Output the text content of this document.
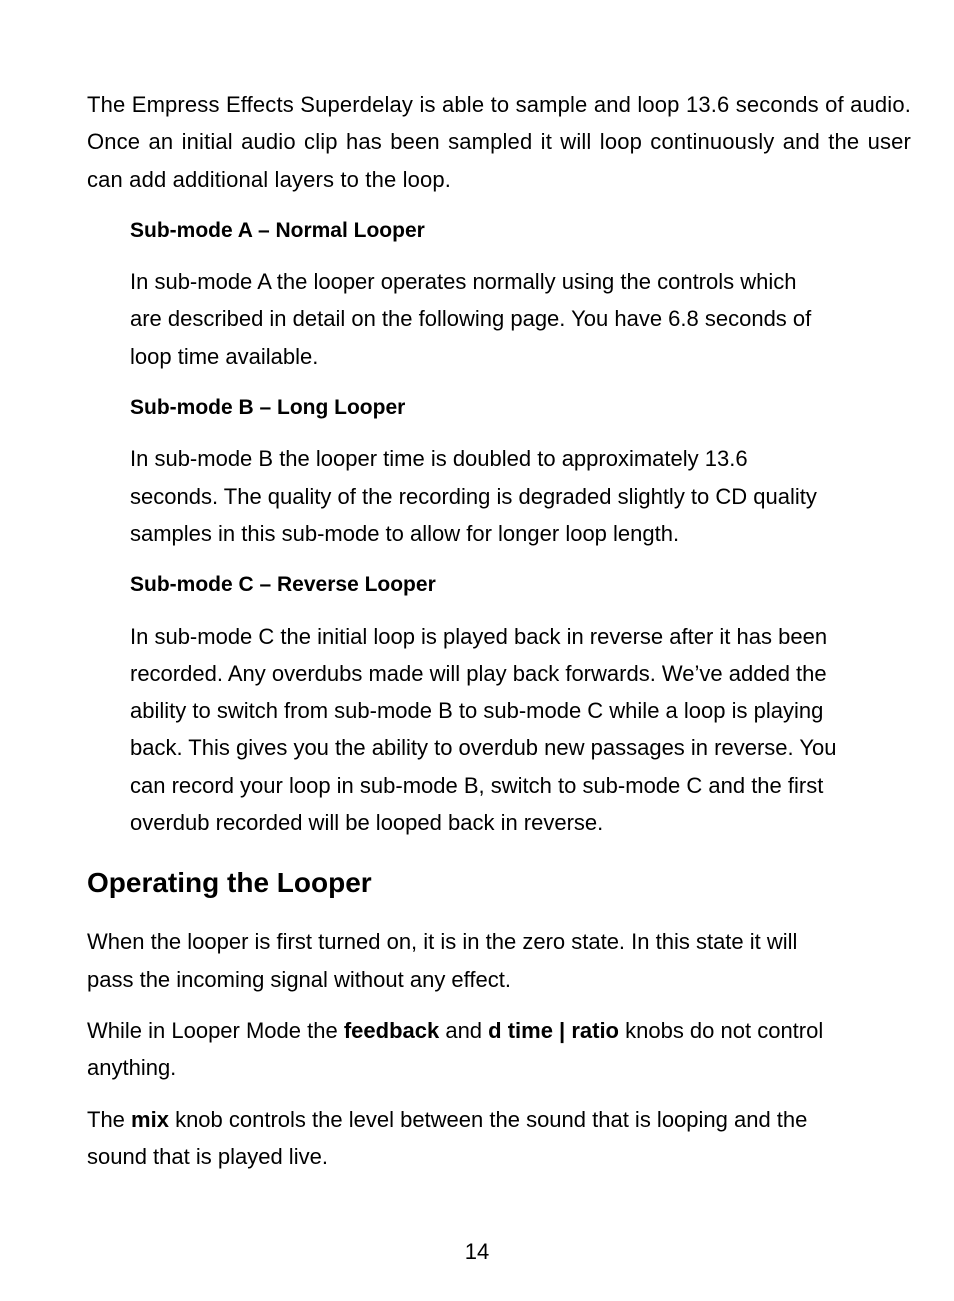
The Empress Effects Superdelay is able to sample and loop 13.6 seconds of audio. Once an initial audio clip has been sampled it will loop continuously and the user can add additional layers to the loop.

Sub-mode A – Normal Looper

In sub-mode A the looper operates normally using the controls which
are described in detail on the following page. You have 6.8 seconds of
loop time available.

Sub-mode B – Long Looper

In sub-mode B the looper time is doubled to approximately 13.6
seconds. The quality of the recording is degraded slightly to CD quality
samples in this sub-mode to allow for longer loop length.

Sub-mode C – Reverse Looper

In sub-mode C the initial loop is played back in reverse after it has been
recorded. Any overdubs made will play back forwards. We’ve added the
ability to switch from sub-mode B to sub-mode C while a loop is playing
back. This gives you the ability to overdub new passages in reverse. You
can record your loop in sub-mode B, switch to sub-mode C and the first
overdub recorded will be looped back in reverse.

Operating the Looper

When the looper is first turned on, it is in the zero state. In this state it will
pass the incoming signal without any effect.

While in Looper Mode the feedback and d time | ratio knobs do not control
anything.

The mix knob controls the level between the sound that is looping and the
sound that is played live.

14
